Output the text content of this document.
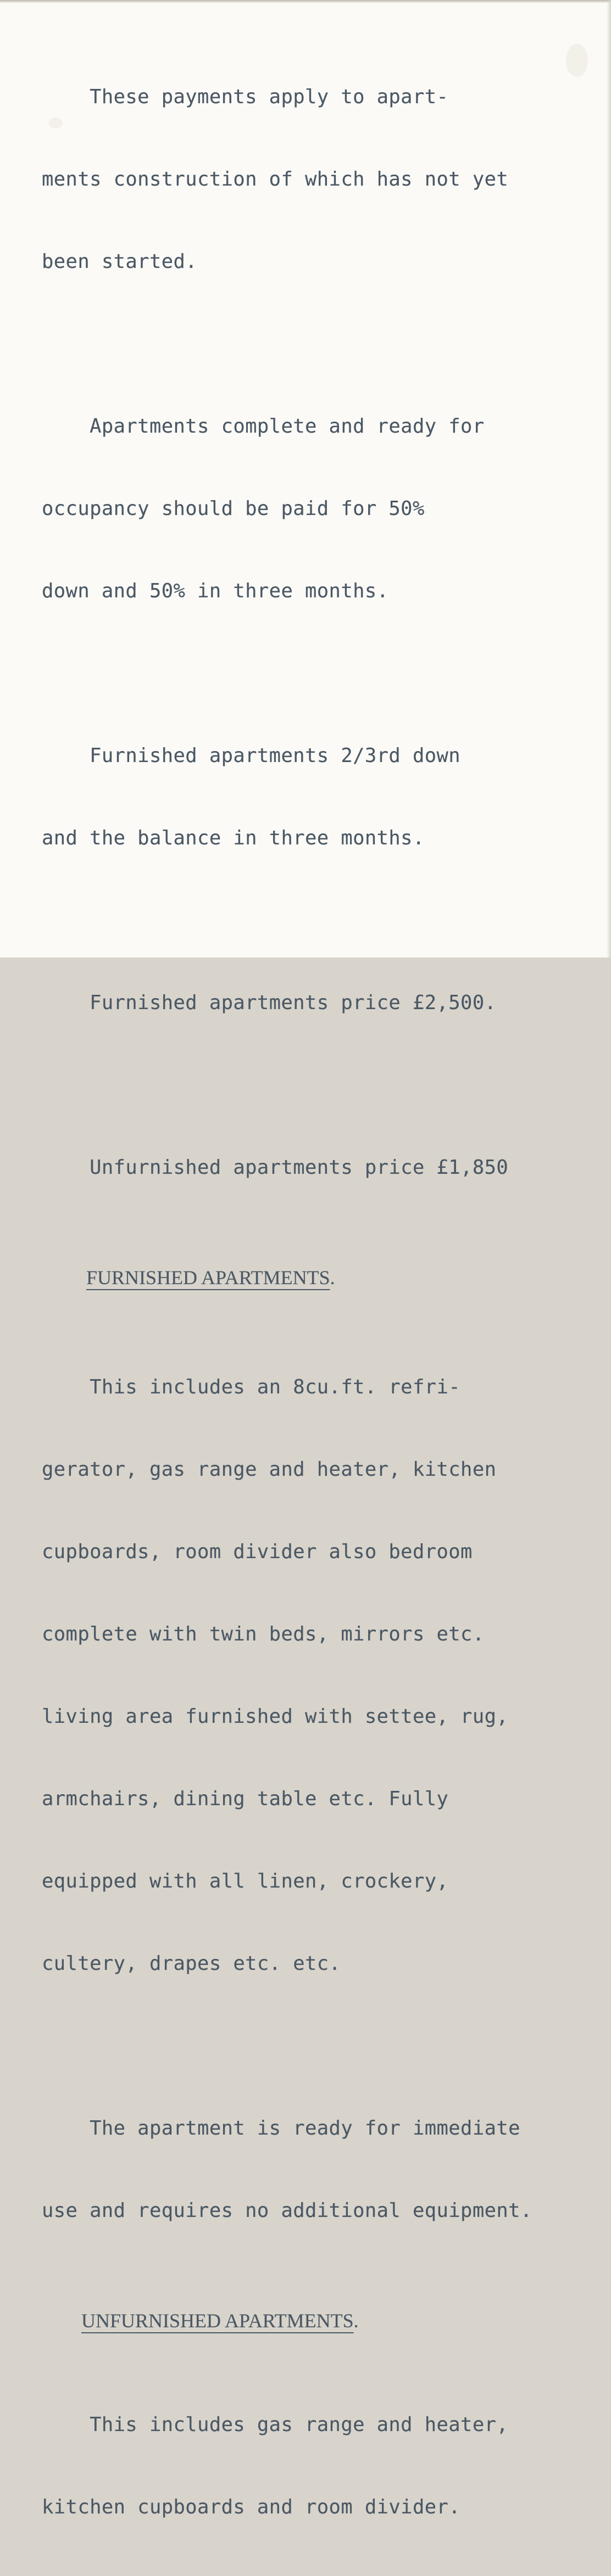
These payments apply to apart-

ments construction of which has not yet

been started.

Apartments complete and ready for

occupancy should be paid for 50%

down and 50% in three months.

Furnished apartments 2/3rd down

and the balance in three months.

Furnished apartments price £2,500.

Unfurnished apartments price £1,850

FURNISHED APARTMENTS.

This includes an 8cu.ft. refri-

gerator, gas range and heater, kitchen

cupboards, room divider also bedroom

complete with twin beds, mirrors etc.

living area furnished with settee, rug,

armchairs, dining table etc. Fully

equipped with all linen, crockery,

cultery, drapes etc. etc.

The apartment is ready for immediate

use and requires no additional equipment.

UNFURNISHED APARTMENTS.

This includes gas range and heater,

kitchen cupboards and room divider.
